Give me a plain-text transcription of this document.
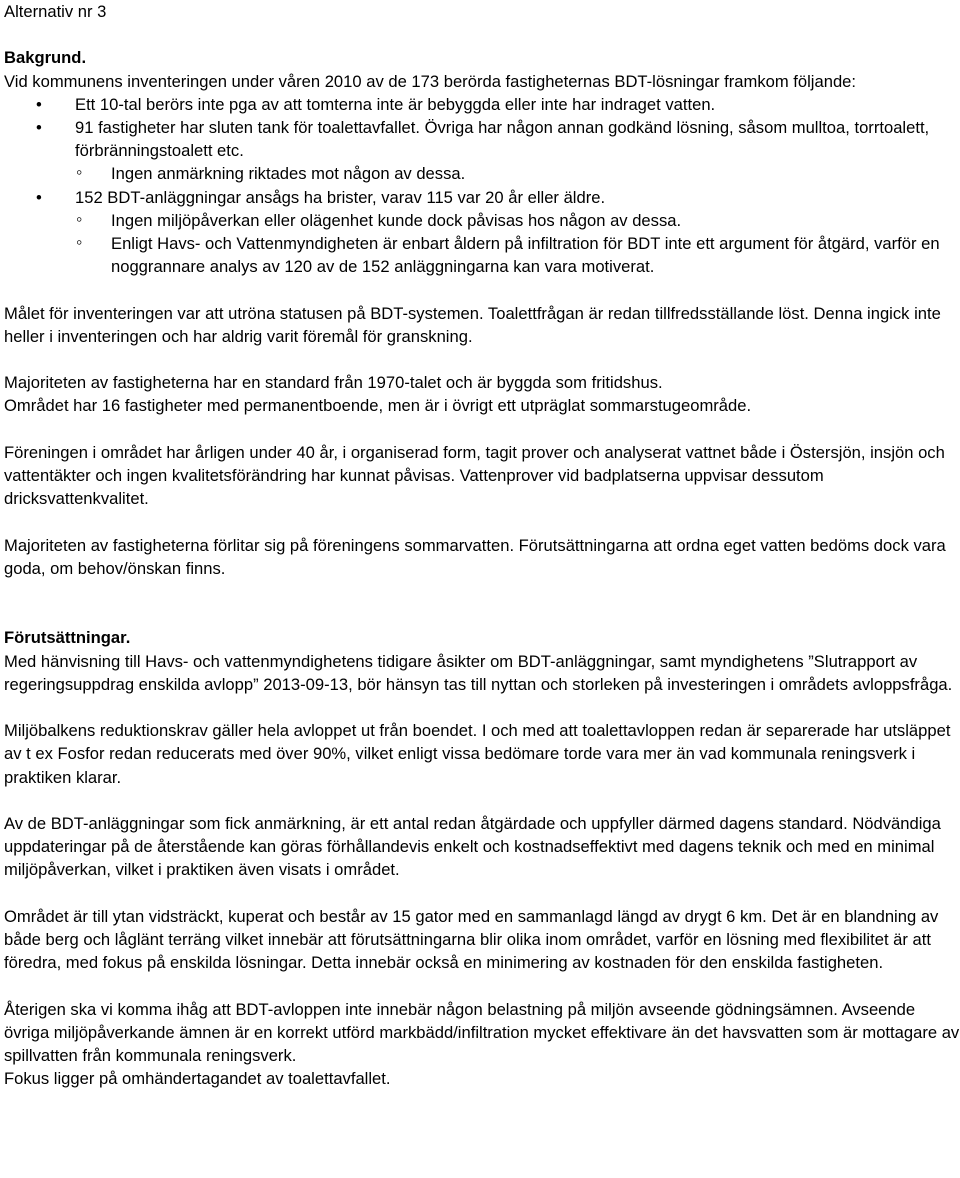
Alternativ nr 3

Bakgrund.

Vid kommunens inventeringen under våren 2010 av de 173 berörda fastigheternas BDT-lösningar framkom följande:

• Ett 10-tal berörs inte pga av att tomterna inte är bebyggda eller inte har indraget vatten.

• 91 fastigheter har sluten tank för toalettavfallet. Övriga har någon annan godkänd lösning, såsom mulltoa, torrtoalett, förbränningstoalett etc.

◦ Ingen anmärkning riktades mot någon av dessa.

• 152 BDT-anläggningar ansågs ha brister, varav 115 var 20 år eller äldre.

◦ Ingen miljöpåverkan eller olägenhet kunde dock påvisas hos någon av dessa.

◦ Enligt Havs- och Vattenmyndigheten är enbart åldern på infiltration för BDT inte ett argument för åtgärd, varför en noggrannare analys av 120 av de 152 anläggningarna kan vara motiverat.

Målet för inventeringen var att utröna statusen på BDT-systemen. Toalettfrågan är redan tillfredsställande löst. Denna ingick inte heller i inventeringen och har aldrig varit föremål för granskning.

Majoriteten av fastigheterna har en standard från 1970-talet och är byggda som fritidshus.

Området har 16 fastigheter med permanentboende, men är i övrigt ett utpräglat sommarstugeområde.

Föreningen i området har årligen under 40 år, i organiserad form, tagit prover och analyserat vattnet både i Östersjön, insjön och vattentäkter och ingen kvalitetsförändring har kunnat påvisas. Vattenprover vid badplatserna uppvisar dessutom dricksvattenkvalitet.

Majoriteten av fastigheterna förlitar sig på föreningens sommarvatten. Förutsättningarna att ordna eget vatten bedöms dock vara goda, om behov/önskan finns.

Förutsättningar.

Med hänvisning till Havs- och vattenmyndighetens tidigare åsikter om BDT-anläggningar, samt myndighetens ”Slutrapport av regeringsuppdrag enskilda avlopp” 2013-09-13, bör hänsyn tas till nyttan och storleken på investeringen i områdets avloppsfråga.

Miljöbalkens reduktionskrav gäller hela avloppet ut från boendet. I och med att toalettavloppen redan är separerade har utsläppet av t ex Fosfor redan reducerats med över 90%, vilket enligt vissa bedömare torde vara mer än vad kommunala reningsverk i praktiken klarar.

Av de BDT-anläggningar som fick anmärkning, är ett antal redan åtgärdade och uppfyller därmed dagens standard. Nödvändiga uppdateringar på de återstående kan göras förhållandevis enkelt och kostnadseffektivt med dagens teknik och med en minimal miljöpåverkan, vilket i praktiken även visats i området.

Området är till ytan vidsträckt, kuperat och består av 15 gator med en sammanlagd längd av drygt 6 km. Det är en blandning av både berg och låglänt terräng vilket innebär att förutsättningarna blir olika inom området, varför en lösning med flexibilitet är att föredra, med fokus på enskilda lösningar. Detta innebär också en minimering av kostnaden för den enskilda fastigheten.

Återigen ska vi komma ihåg att BDT-avloppen inte innebär någon belastning på miljön avseende gödningsämnen. Avseende övriga miljöpåverkande ämnen är en korrekt utförd markbädd/infiltration mycket effektivare än det havsvatten som är mottagare av spillvatten från kommunala reningsverk.

Fokus ligger på omhändertagandet av toalettavfallet.
